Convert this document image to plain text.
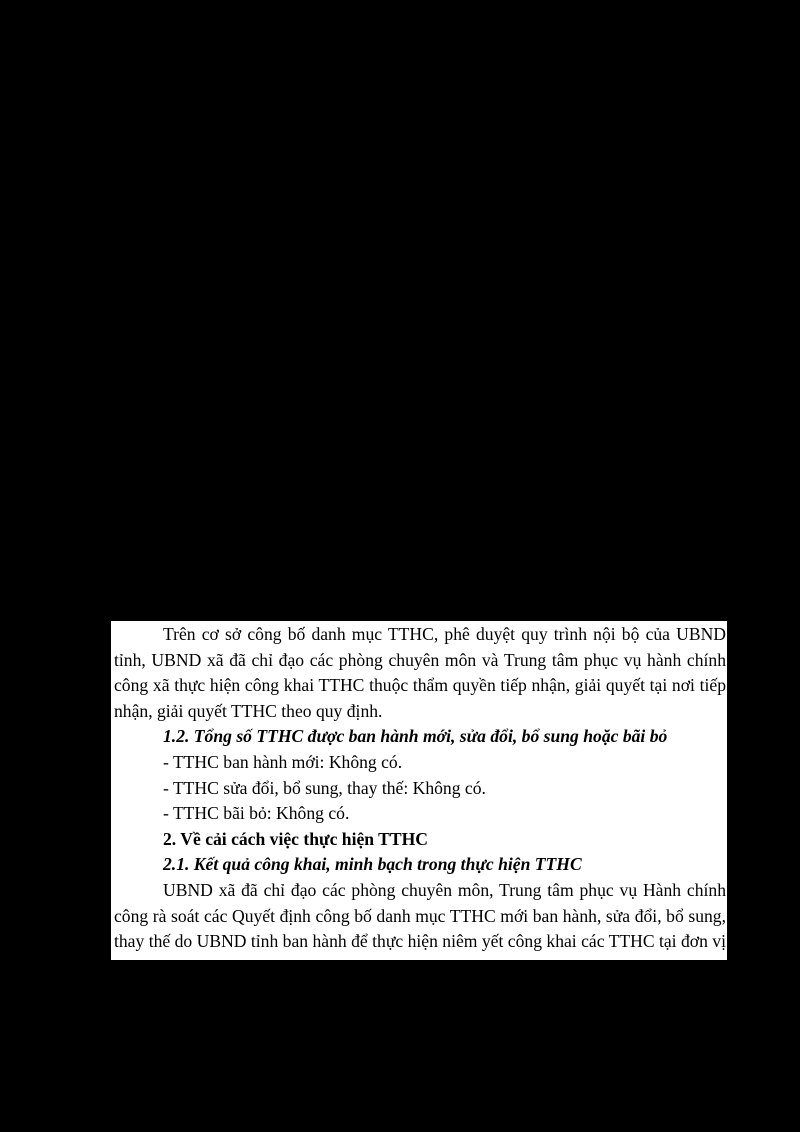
Trên cơ sở công bố danh mục TTHC, phê duyệt quy trình nội bộ của UBND tỉnh, UBND xã đã chỉ đạo các phòng chuyên môn và Trung tâm phục vụ hành chính công xã thực hiện công khai TTHC thuộc thẩm quyền tiếp nhận, giải quyết tại nơi tiếp nhận, giải quyết TTHC theo quy định.

1.2. Tổng số TTHC được ban hành mới, sửa đổi, bổ sung hoặc bãi bỏ

- TTHC ban hành mới: Không có.

- TTHC sửa đổi, bổ sung, thay thế: Không có.

- TTHC bãi bỏ: Không có.

2. Về cải cách việc thực hiện TTHC

2.1. Kết quả công khai, minh bạch trong thực hiện TTHC

UBND xã đã chỉ đạo các phòng chuyên môn, Trung tâm phục vụ Hành chính công rà soát các Quyết định công bố danh mục TTHC mới ban hành, sửa đổi, bổ sung, thay thế do UBND tỉnh ban hành để thực hiện niêm yết công khai các TTHC tại đơn vị và tại Trung tâm phục vụ hành chính công xã.
